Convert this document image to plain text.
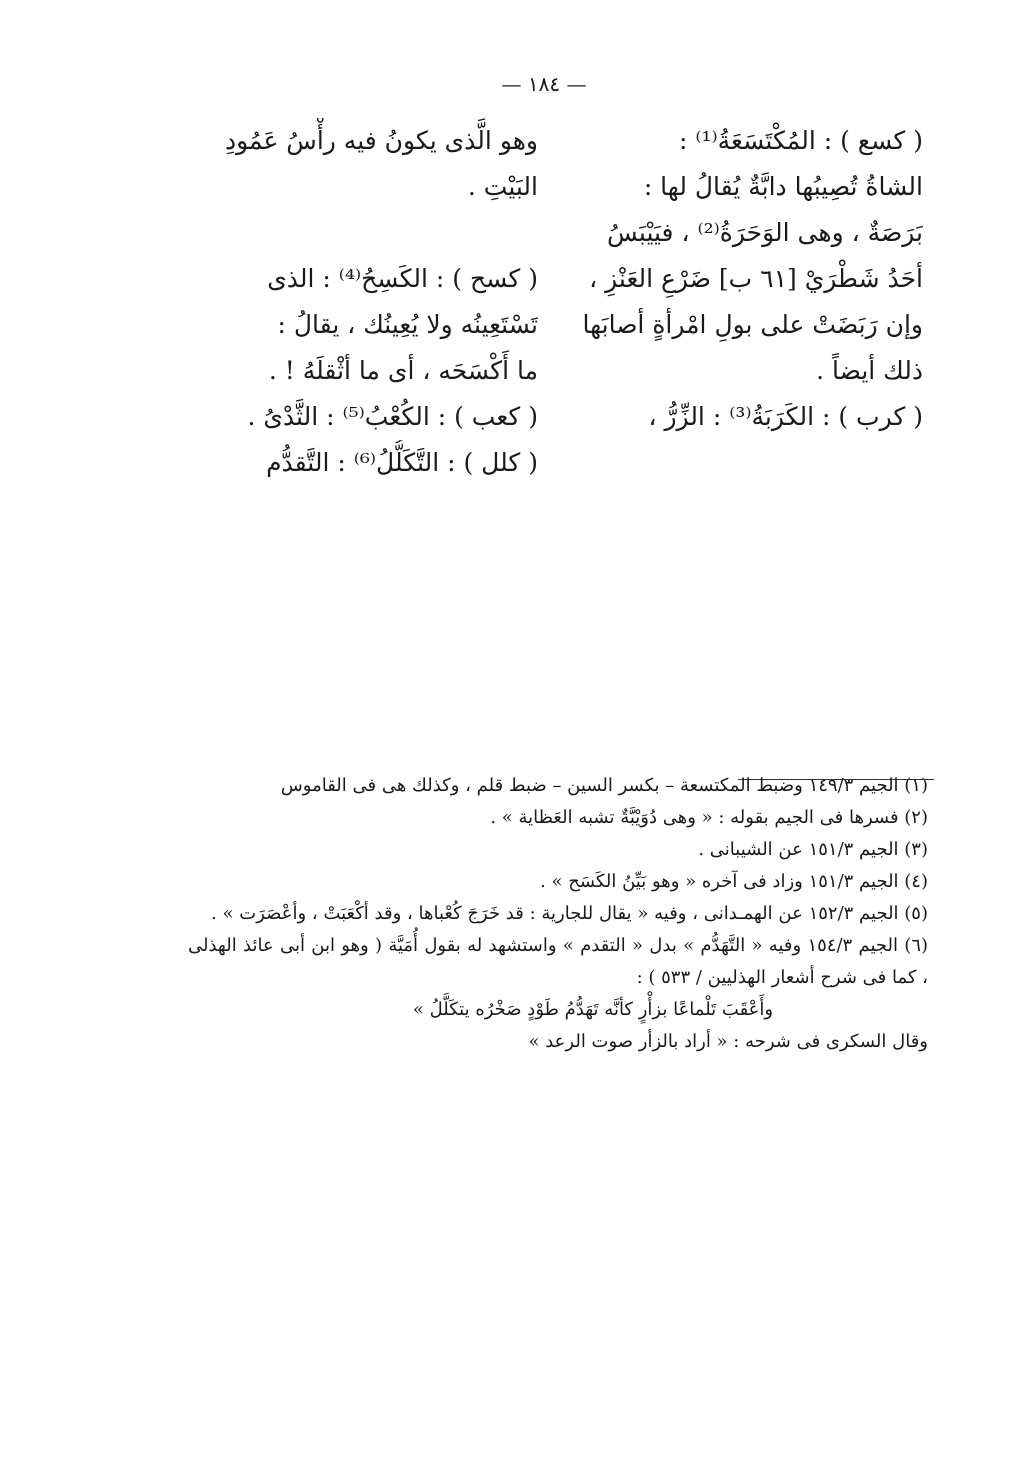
— ١٨٤ —
( كسع ) : المُكْتَسَعَةُ⁽¹⁾ :
الشاةُ تُصِيبُها دابَّةٌ يُقالُ لها :
بَرَصَةٌ ، وهى الوَحَرَةُ⁽²⁾ ، فيَيْبَسُ
أحَدُ شَطْرَيْ [٦١ ب] ضَرْعِ العَنْزِ ،
وإن رَبَضَتْ على بولِ امْرأةٍ أصابَها
ذلك أيضاً .
( كرب ) : الكَرَبَةُ⁽³⁾ : الزِّرُّ ،
وهو الَّذى يكونُ فيه رأْسُ عَمُودِ
البَيْتِ .
( كسح ) : الكَسِحُ⁽⁴⁾ : الذى
تَسْتَعِينُه ولا يُعِينُك ، يقالُ :
ما أَكْسَحَه ، أى ما أثْقلَهُ ! .
( كعب ) : الكُعْبُ⁽⁵⁾ : الثَّدْىُ .
( كلل ) : التَّكَلُّلُ⁽⁶⁾ : التَّقدُّم

(١) الجيم ١٤٩/٣ وضبط المكتسعة – بكسر السين – ضبط قلم ، وكذلك هى فى القاموس

(٢) فسرها فى الجيم بقوله : « وهى دُوَيْبَّةٌ تشبه العَظاية » .

(٣) الجيم ١٥١/٣ عن الشيبانى .

(٤) الجيم ١٥١/٣ وزاد فى آخره « وهو بَيِّنُ الكَسَح » .

(٥) الجيم ١٥٢/٣ عن الهمـدانى ، وفيه « يقال للجارية : قد خَرَجَ كُعْباها ، وقد أكْعَبَتْ ، وأعْصَرَت » .

(٦) الجيم ١٥٤/٣ وفيه « التَّهَدُّم » بدل « التقدم » واستشهد له بقول أُمَيَّة ( وهو ابن أبى عائذ الهذلى ، كما فى شرح أشعار الهذليين / ٥٣٣ ) :

وأَعْقَبَ تَلْماعًا بزأْرٍ كأنَّه تَهَدُّمُ طَوْدٍ صَخْرُه يتكَلَّلُ »

وقال السكرى فى شرحه : « أراد بالزأر صوت الرعد »
